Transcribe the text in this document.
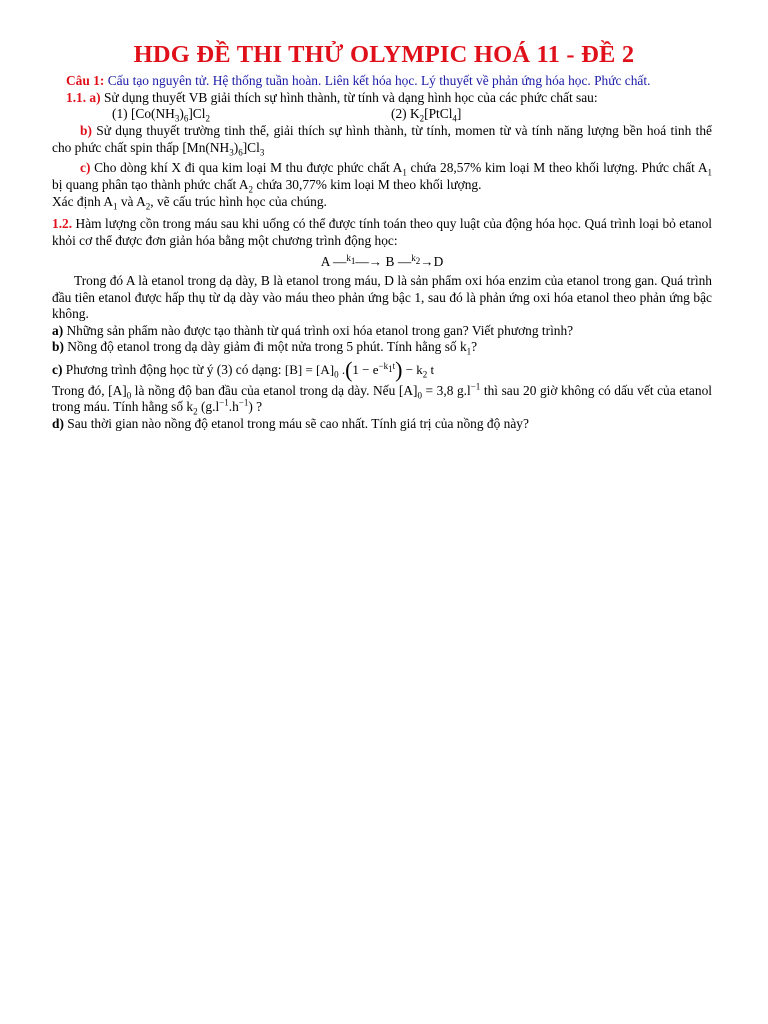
HDG ĐỀ THI THỬ OLYMPIC HOÁ 11 - ĐỀ 2

Câu 1: Cấu tạo nguyên tử. Hệ thống tuần hoàn. Liên kết hóa học. Lý thuyết về phản ứng hóa học. Phức chất.

1.1. a) Sử dụng thuyết VB giải thích sự hình thành, từ tính và dạng hình học của các phức chất sau:

(1) $[Co(NH_3)_6]Cl_2$	(2) $K_2[PtCl_4]$

b) Sử dụng thuyết trường tinh thể, giải thích sự hình thành, từ tính, momen từ và tính năng lượng bền hoá tinh thể cho phức chất spin thấp $[Mn(NH_3)_6]Cl_3$

c) Cho dòng khí X đi qua kim loại M thu được phức chất $A_1$ chứa 28,57% kim loại M theo khối lượng. Phức chất $A_1$ bị quang phân tạo thành phức chất $A_2$ chứa 30,77% kim loại M theo khối lượng.

Xác định $A_1$ và $A_2$, vẽ cấu trúc hình học của chúng.

1.2. Hàm lượng cồn trong máu sau khi uống có thể được tính toán theo quy luật của động hóa học. Quá trình loại bỏ etanol khỏi cơ thể được đơn giản hóa bằng một chương trình động học:

A —$^{k_1}$—→ B —$^{k_2}$→D

Trong đó A là etanol trong dạ dày, B là etanol trong máu, D là sản phẩm oxi hóa enzim của etanol trong gan. Quá trình đầu tiên etanol được hấp thụ từ dạ dày vào máu theo phản ứng bậc 1, sau đó là phản ứng oxi hóa etanol theo phản ứng bậc không.

a) Những sản phẩm nào được tạo thành từ quá trình oxi hóa etanol trong gan? Viết phương trình?

b) Nồng độ etanol trong dạ dày giảm đi một nửa trong 5 phút. Tính hằng số $k_1$?

c) Phương trình động học từ ý (3) có dạng: $[B] = [A]_0$ $.(1 - e^{-k_1t}) - k_2$ t

Trong đó, $[A]_0$ là nồng độ ban đầu của etanol trong dạ dày. Nếu $[A]_0 = 3,8$ $g.l^{-1}$ thì sau 20 giờ không có dấu vết của etanol trong máu. Tính hằng số $k_2$ $(g.l^{-1}.h^{-1})$ ?

d) Sau thời gian nào nồng độ etanol trong máu sẽ cao nhất. Tính giá trị của nồng độ này?
